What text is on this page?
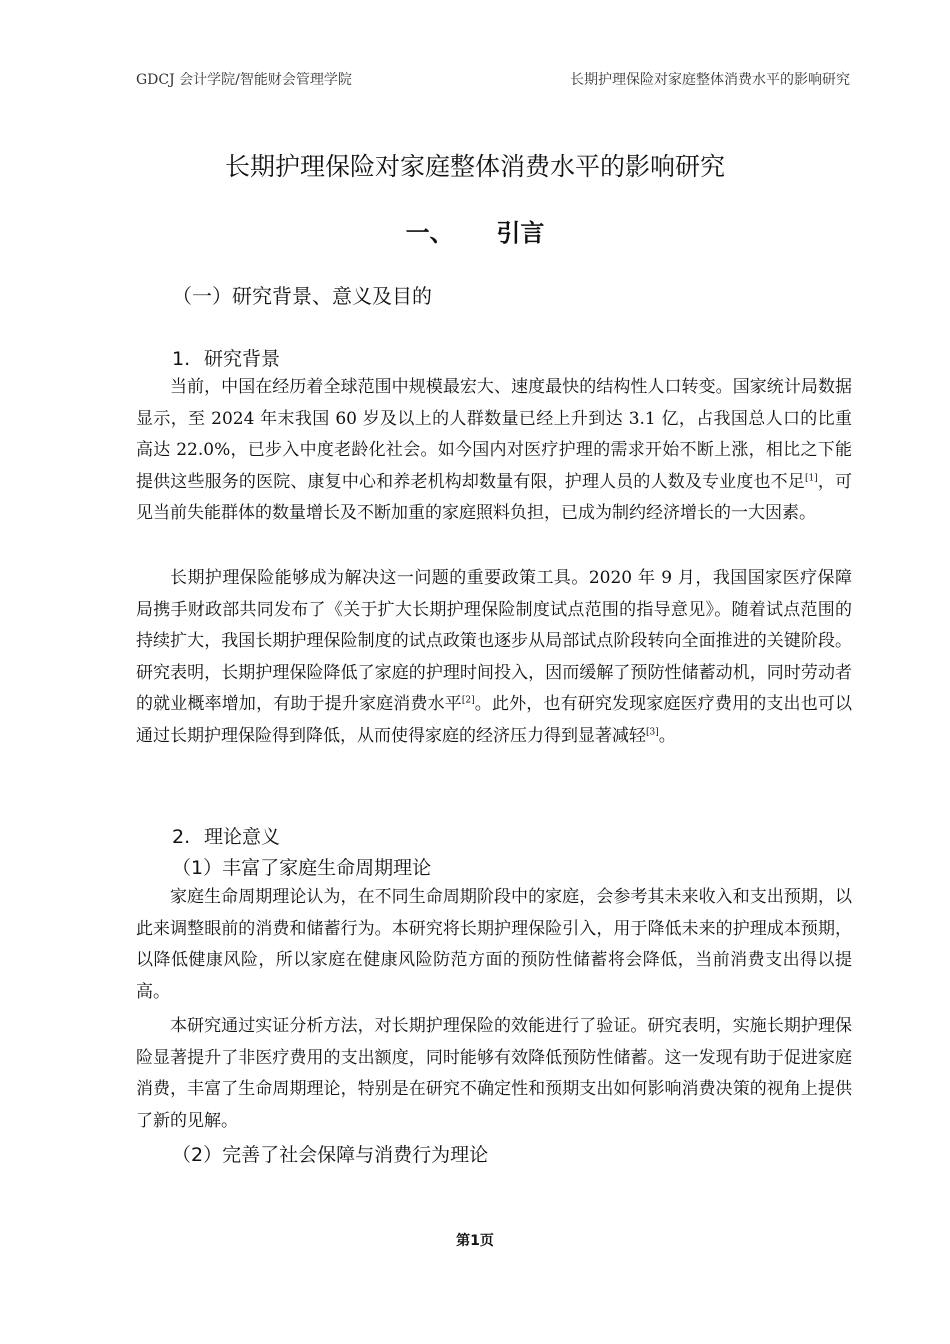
GDCJ 会计学院/智能财会管理学院	长期护理保险对家庭整体消费水平的影响研究
长期护理保险对家庭整体消费水平的影响研究
一、 引言
（一）研究背景、意义及目的
1. 研究背景

当前，中国在经历着全球范围中规模最宏大、速度最快的结构性人口转变。国家统计局数据显示，至 2024 年末我国 60 岁及以上的人群数量已经上升到达 3.1 亿，占我国总人口的比重高达 22.0%，已步入中度老龄化社会。如今国内对医疗护理的需求开始不断上涨，相比之下能提供这些服务的医院、康复中心和养老机构却数量有限，护理人员的人数及专业度也不足[1]，可见当前失能群体的数量增长及不断加重的家庭照料负担，已成为制约经济增长的一大因素。

长期护理保险能够成为解决这一问题的重要政策工具。2020 年 9 月，我国国家医疗保障局携手财政部共同发布了《关于扩大长期护理保险制度试点范围的指导意见》。随着试点范围的持续扩大，我国长期护理保险制度的试点政策也逐步从局部试点阶段转向全面推进的关键阶段。研究表明，长期护理保险降低了家庭的护理时间投入，因而缓解了预防性储蓄动机，同时劳动者的就业概率增加，有助于提升家庭消费水平[2]。此外，也有研究发现家庭医疗费用的支出也可以通过长期护理保险得到降低，从而使得家庭的经济压力得到显著减轻[3]。

2. 理论意义
（1）丰富了家庭生命周期理论

家庭生命周期理论认为，在不同生命周期阶段中的家庭，会参考其未来收入和支出预期，以此来调整眼前的消费和储蓄行为。本研究将长期护理保险引入，用于降低未来的护理成本预期，以降低健康风险，所以家庭在健康风险防范方面的预防性储蓄将会降低，当前消费支出得以提高。

本研究通过实证分析方法，对长期护理保险的效能进行了验证。研究表明，实施长期护理保险显著提升了非医疗费用的支出额度，同时能够有效降低预防性储蓄。这一发现有助于促进家庭消费，丰富了生命周期理论，特别是在研究不确定性和预期支出如何影响消费决策的视角上提供了新的见解。

（2）完善了社会保障与消费行为理论
第1页
